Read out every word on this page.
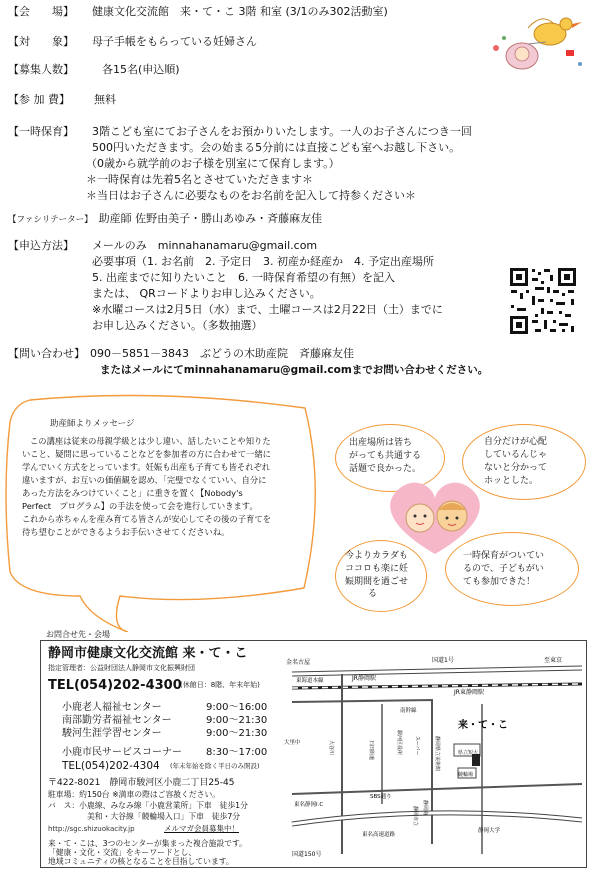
【会　　場】 健康文化交流館　来・て・こ 3階 和室 (3/1のみ302活動室)
【対　　象】 母子手帳をもらっている妊婦さん
【募集人数】	各15名(申込順)
【参 加 費】 無料
【一時保育】 3階こども室にてお子さんをお預かりいたします。一人のお子さんにつき一回
500円いただきます。会の始まる5分前には直接こども室へお越し下さい。
（0歳から就学前のお子様を別室にて保育します。）
＊一時保育は先着5名とさせていただきます＊
＊当日はお子さんに必要なものをお名前を記入して持参ください＊
【ファシリテーター】 助産師 佐野由美子・勝山あゆみ・斉藤麻友佳
【申込方法】 メールのみ　minnahanamaru@gmail.com
必要事項（1. お名前　2. 予定日　3. 初産か経産か　4. 予定出産場所
5. 出産までに知りたいこと　6. 一時保育希望の有無）を記入
または、 QRコードよりお申し込みください。
※水曜コースは2月5日（水）まで、土曜コースは2月22日（土）までに
お申し込みください。（多数抽選）
【問い合わせ】 090－5851－3843　ぶどうの木助産院　斉藤麻友佳
またはメールにてminnahanamaru@gmail.comまでお問い合わせください。
助産師よりメッセージ
この講座は従来の母親学級とは少し違い、話したいことや知りた
いこと、疑問に思っていることなどを参加者の方に合わせて一緒に
学んでいく方式をとっています。妊娠も出産も子育ても皆それぞれ
違いますが、お互いの価値観を認め、「完璧でなくていい、自分に
あった方法をみつけていくこと」に重きを置く【Nobody's
Perfect　プログラム】の手法を使って会を進行していきます。
これから赤ちゃんを産み育てる皆さんが安心してその後の子育てを
待ち望むことができるようお手伝いさせてくださいね。
出産場所は皆ち
がっても共通する
話題で良かった。
自分だけが心配
しているんじゃ
ないと分かって
ホッとした。
今よりカラダも
ココロも楽に妊
娠期間を過ごせ
る
一時保育がついてい
るので、子どもがい
ても参加できた！
お問合せ先・会場
静岡市健康文化交流館 来・て・こ
指定管理者：公益財団法人静岡市文化振興財団
TEL(054)202-4300
(休館日：8階、年末年始)
小鹿老人福祉センター	9:00～16:00
南部勤労者福祉センター	9:00～21:30
駿河生涯学習センター	9:00～21:30
小鹿市民サービスコーナー 8:30～17:00
TEL(054)202-4304 (年末年始を除く平日のみ開設)
〒422-8021　静岡市駿河区小鹿二丁目25-45
駐車場：約150台 ※満車の際はご容赦ください。
バ　ス：小鹿線、みなみ線「小鹿営業所」下車　徒歩1分
　　　　　美和・大谷線「競輪場入口」下車　徒歩7分
http://sgc.shizuokacity.jp	メルマガ会員募集中！
来・て・こは、3つのセンターが集まった複合施設です。
「健康・文化・交流」をキーワードとし、
地域コミュニティの核となることを目指しています。
金名古屋	国道1号	至東京
東海道本線	JR静岡駅
JR東静岡駅
南幹線
来・て・こ
県立短大
競輪場
大里中	大谷川	石田街道	駿河区役所 スーパー	静岡県立美術館
東名静岡I.C
SBS通り
静岡市立 静岡南
東名高速道路
国道150号
静岡大学
